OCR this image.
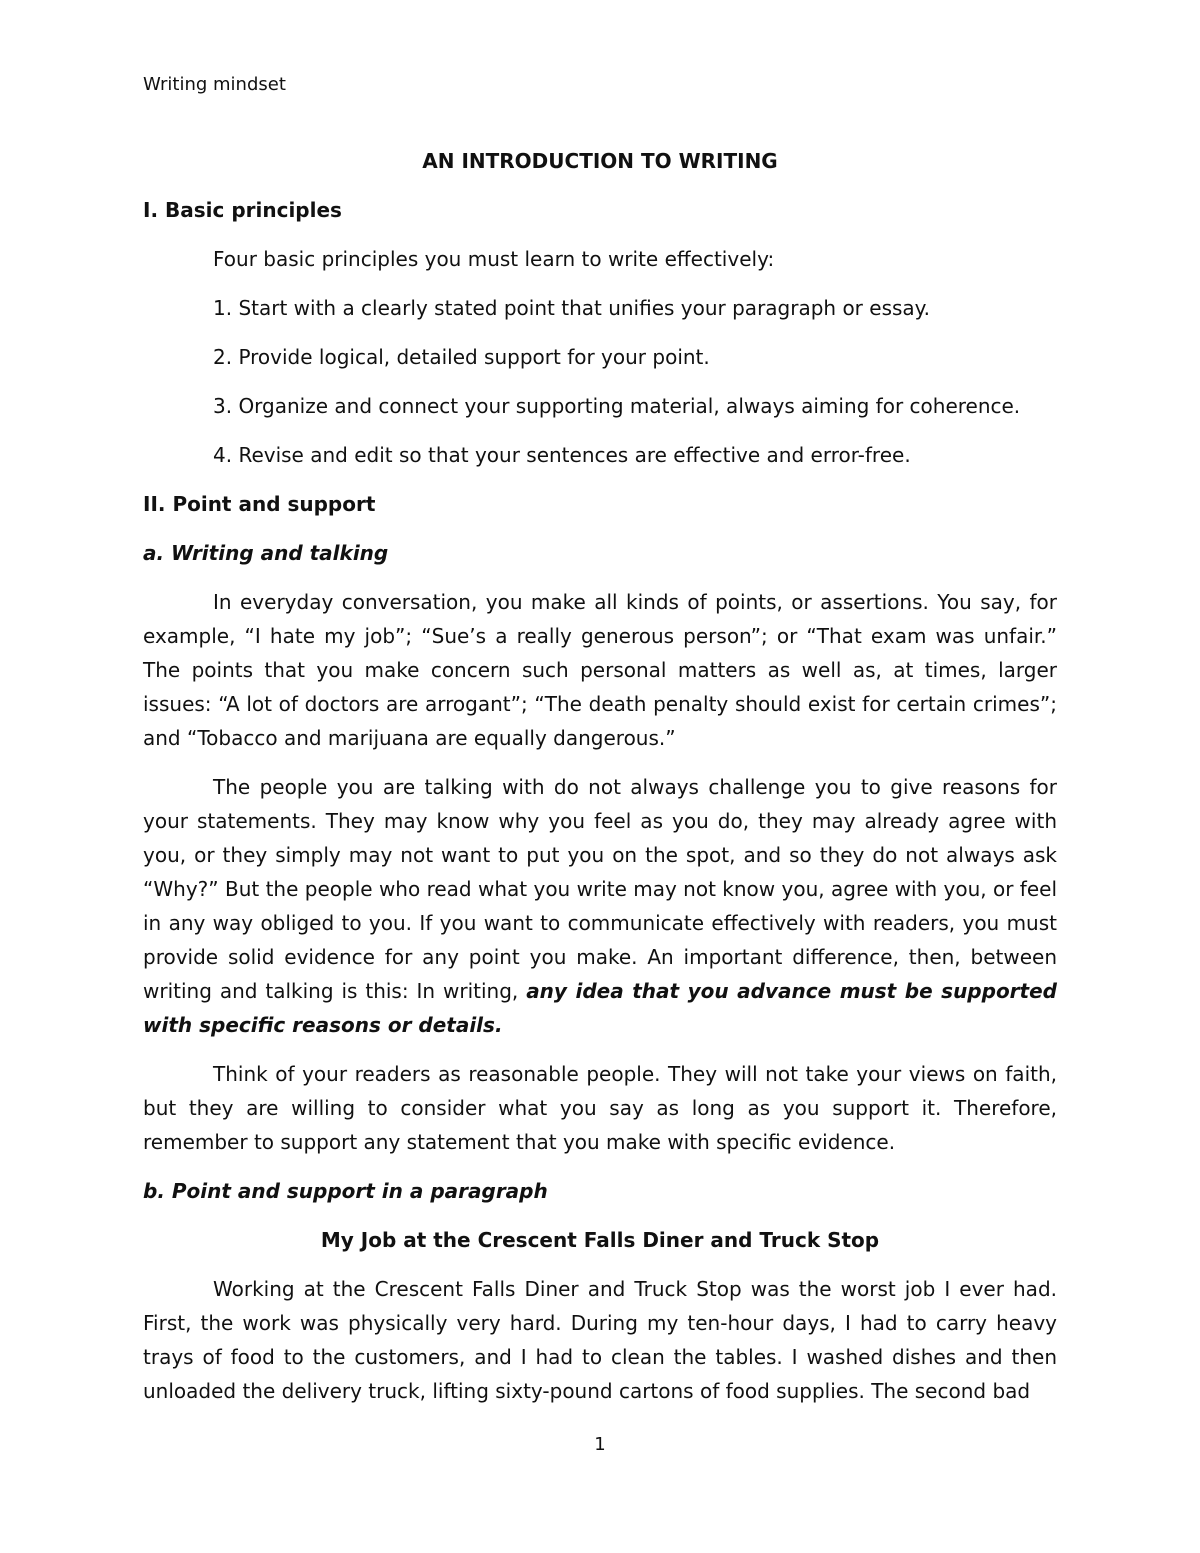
Writing mindset
AN INTRODUCTION TO WRITING
I. Basic principles
Four basic principles you must learn to write effectively:
1. Start with a clearly stated point that unifies your paragraph or essay.
2. Provide logical, detailed support for your point.
3. Organize and connect your supporting material, always aiming for coherence.
4. Revise and edit so that your sentences are effective and error-free.
II. Point and support
a. Writing and talking

In everyday conversation, you make all kinds of points, or assertions. You say, for example, “I hate my job”; “Sue’s a really generous person”; or “That exam was unfair.” The points that you make concern such personal matters as well as, at times, larger issues: “A lot of doctors are arrogant”; “The death penalty should exist for certain crimes”; and “Tobacco and marijuana are equally dangerous.”

The people you are talking with do not always challenge you to give reasons for your statements. They may know why you feel as you do, they may already agree with you, or they simply may not want to put you on the spot, and so they do not always ask “Why?” But the people who read what you write may not know you, agree with you, or feel in any way obliged to you. If you want to communicate effectively with readers, you must provide solid evidence for any point you make. An important difference, then, between writing and talking is this: In writing, any idea that you advance must be supported with specific reasons or details.

Think of your readers as reasonable people. They will not take your views on faith, but they are willing to consider what you say as long as you support it. Therefore, remember to support any statement that you make with specific evidence.

b. Point and support in a paragraph
My Job at the Crescent Falls Diner and Truck Stop

Working at the Crescent Falls Diner and Truck Stop was the worst job I ever had. First, the work was physically very hard. During my ten-hour days, I had to carry heavy trays of food to the customers, and I had to clean the tables. I washed dishes and then unloaded the delivery truck, lifting sixty-pound cartons of food supplies. The second bad

1
